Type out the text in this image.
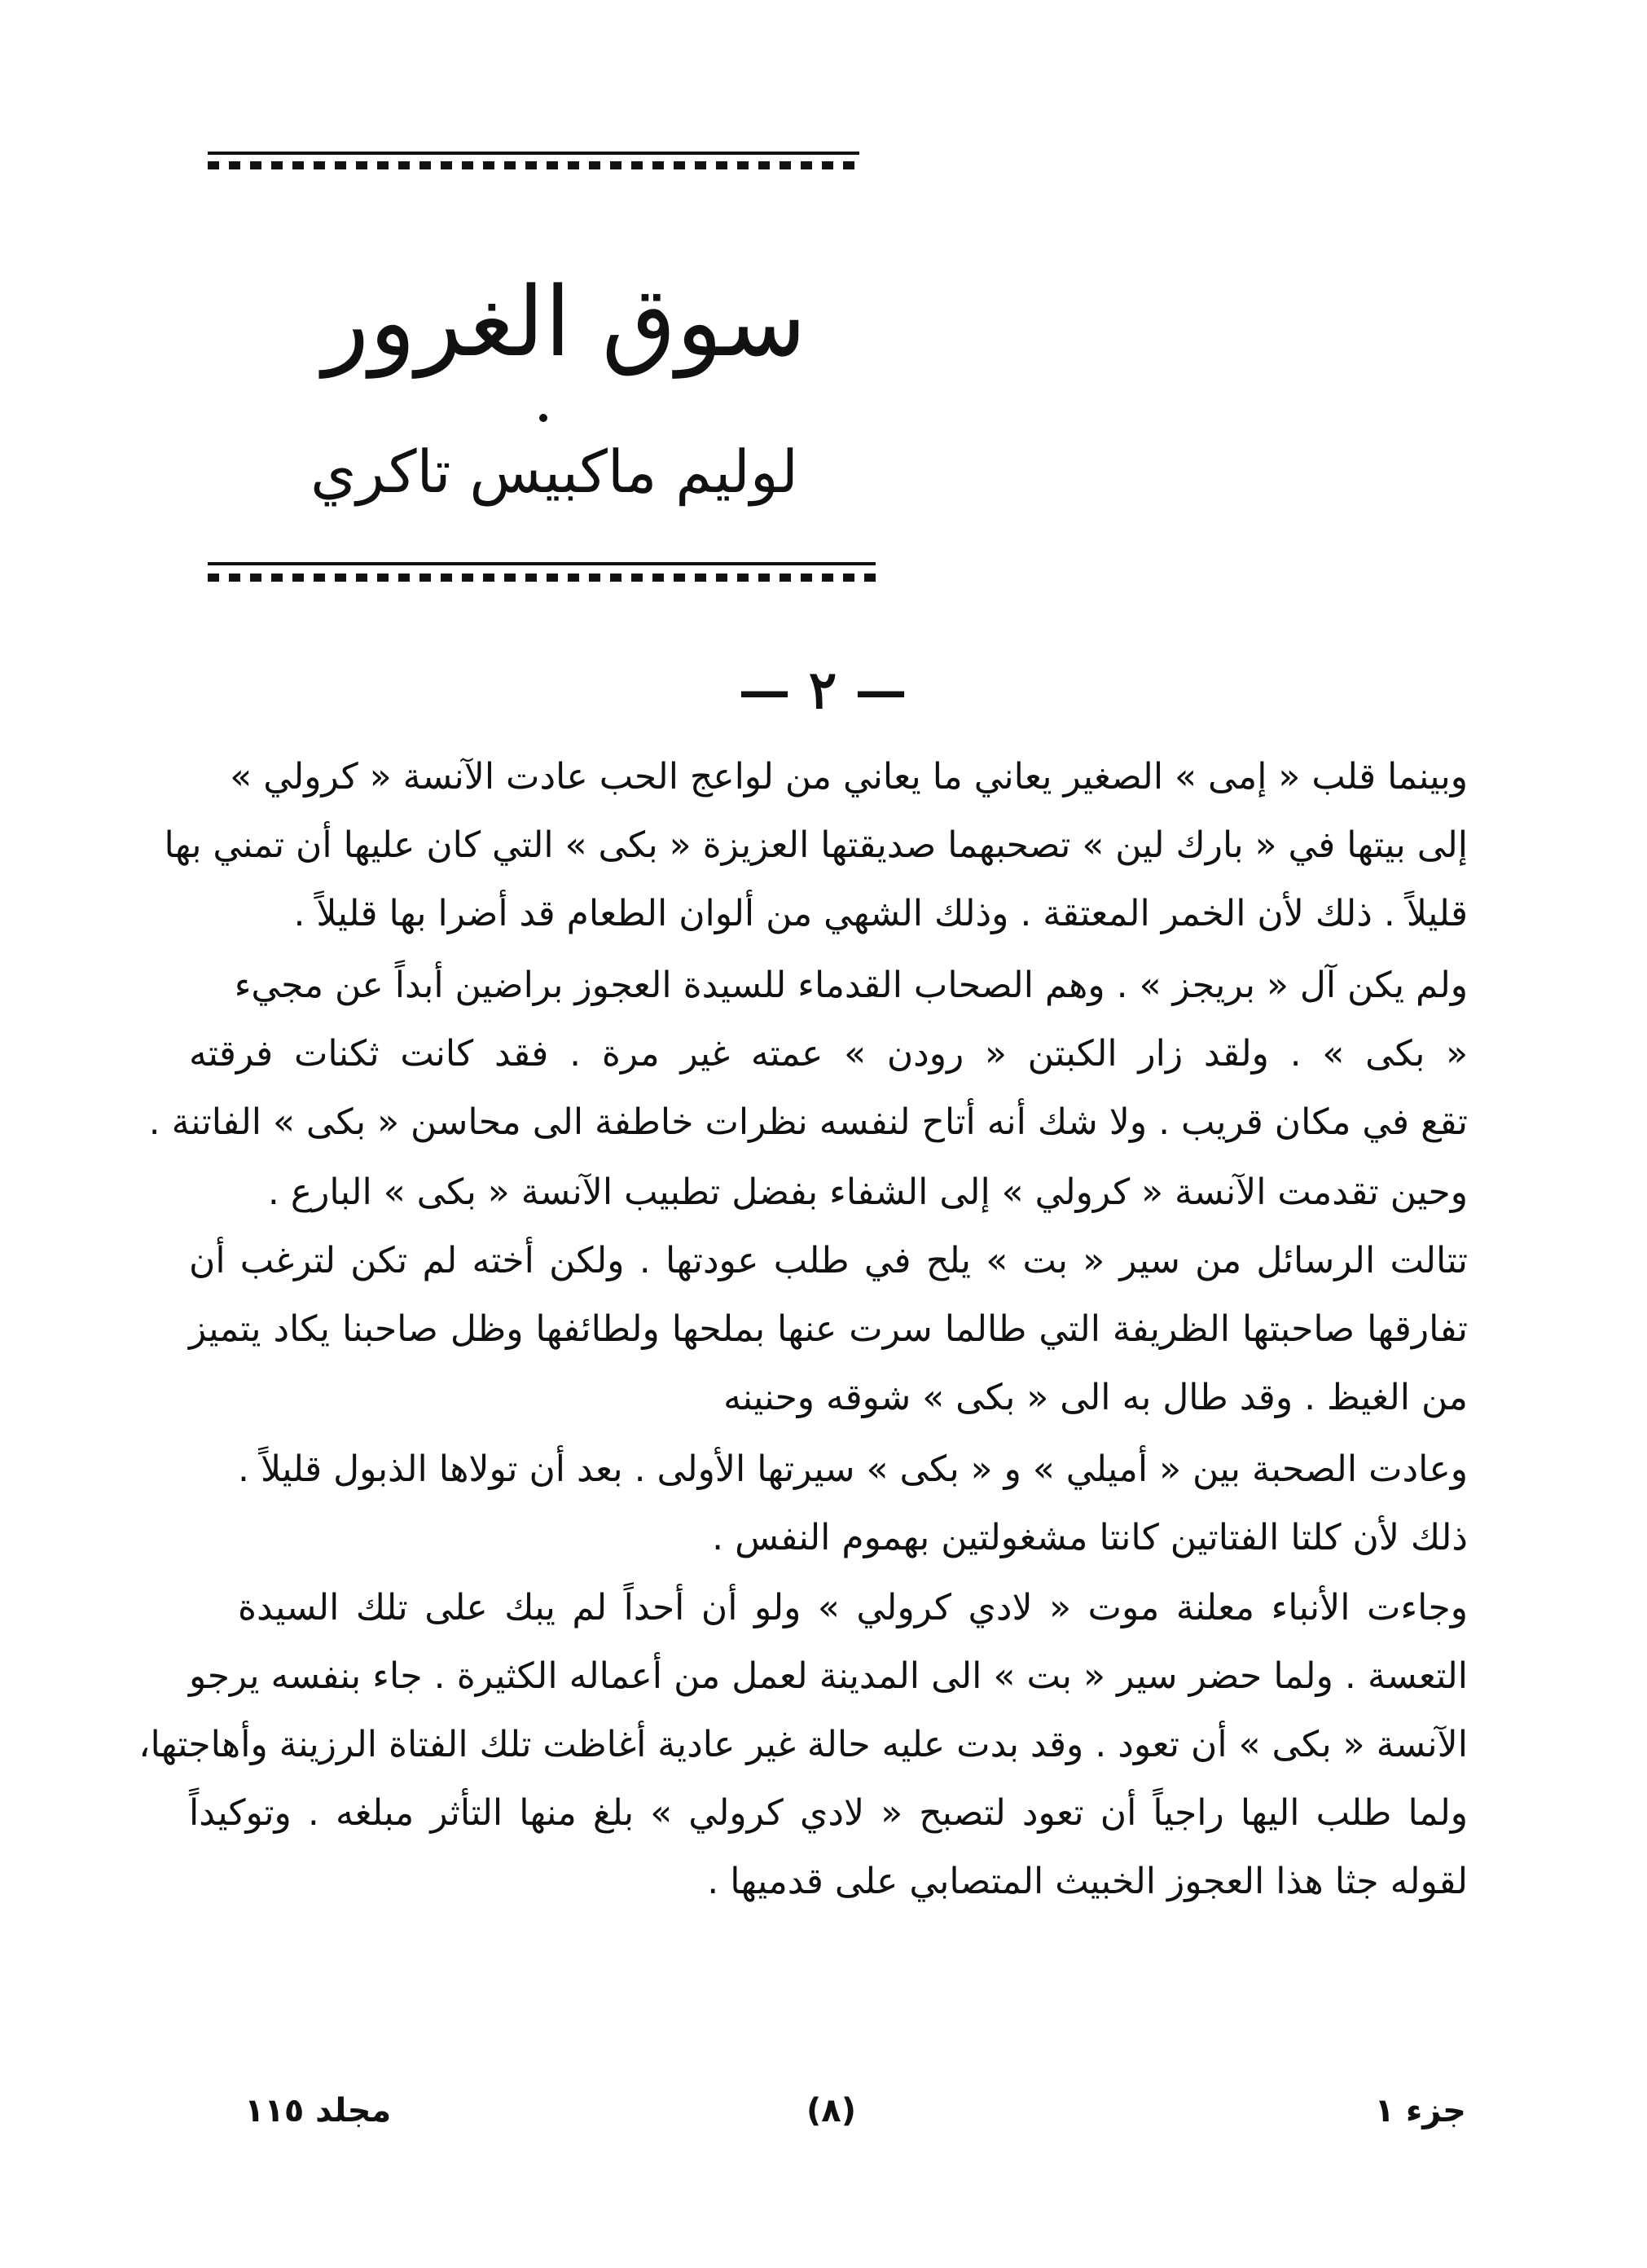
سوق الغرور
لوليم ماكبيس تاكري
— ٢ —
وبينما قلب « إمى » الصغير يعاني ما يعاني من لواعج الحب عادت الآنسة « كرولي »
إلى بيتها في « بارك لين » تصحبهما صديقتها العزيزة « بكى » التي كان عليها أن تمني بها
قليلاً . ذلك لأن الخمر المعتقة . وذلك الشهي من ألوان الطعام قد أضرا بها قليلاً .
ولم يكن آل « بريجز » . وهم الصحاب القدماء للسيدة العجوز براضين أبداً عن مجيء
« بكى » . ولقد زار الكبتن « رودن » عمته غير مرة . فقد كانت ثكنات فرقته
تقع في مكان قريب . ولا شك أنه أتاح لنفسه نظرات خاطفة الى محاسن « بكى » الفاتنة .
وحين تقدمت الآنسة « كرولي » إلى الشفاء بفضل تطبيب الآنسة « بكى » البارع .
تتالت الرسائل من سير « بت » يلح في طلب عودتها . ولكن أخته لم تكن لترغب أن
تفارقها صاحبتها الظريفة التي طالما سرت عنها بملحها ولطائفها وظل صاحبنا يكاد يتميز
من الغيظ . وقد طال به الى « بكى » شوقه وحنينه
وعادت الصحبة بين « أميلي » و « بكى » سيرتها الأولى . بعد أن تولاها الذبول قليلاً .
ذلك لأن كلتا الفتاتين كانتا مشغولتين بهموم النفس .
وجاءت الأنباء معلنة موت « لادي كرولي » ولو أن أحداً لم يبك على تلك السيدة
التعسة . ولما حضر سير « بت » الى المدينة لعمل من أعماله الكثيرة . جاء بنفسه يرجو
الآنسة « بكى » أن تعود . وقد بدت عليه حالة غير عادية أغاظت تلك الفتاة الرزينة وأهاجتها،
ولما طلب اليها راجياً أن تعود لتصبح « لادي كرولي » بلغ منها التأثر مبلغه . وتوكيداً
لقوله جثا هذا العجوز الخبيث المتصابي على قدميها .
جزء ١
(٨)
مجلد ١١٥
